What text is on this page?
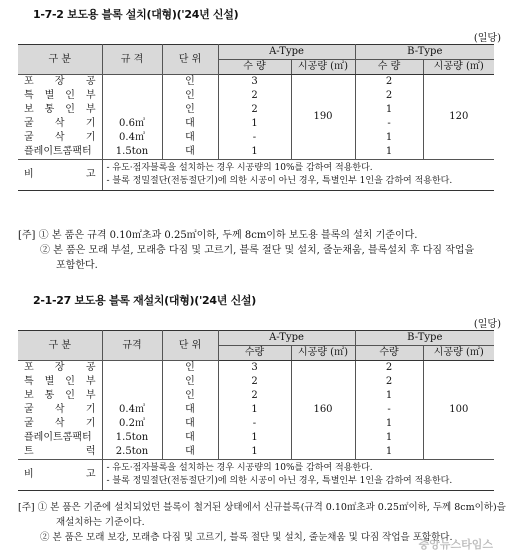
1-7-2 보도용 블록 설치(대형)('24년 신설)
(일당)
구 분	규 격	단 위	A-Type		B-Type	
			수 량	시공량 (㎡)	수 량	시공량 (㎡)
포 장 공		인	3	190	2	120
특 별 인 부		인	2		2	
보 통 인 부		인	2		1	
굴 삭 기	0.6㎥	대	1		-	
굴 삭 기	0.4㎥	대	-		1	
플레이트콤팩터	1.5ton	대	1		1	
비 고	- 유도·점자블록을 설치하는 경우 시공량의 10%를 감하여 적용한다.
- 블록 정밀절단(전동절단기)에 의한 시공이 아닌 경우, 특별인부 1인을 감하여 적용한다.					
[주] ① 본 품은 규격 0.10㎡초과 0.25㎡이하, 두께 8cm이하 보도용 블록의 설치 기준이다.
② 본 품은 모래 부설, 모래층 다짐 및 고르기, 블록 절단 및 설치, 줄눈채움, 블록설치 후 다짐 작업을
포함한다.
2-1-27 보도용 블록 재설치(대형)('24년 신설)
(일당)
구 분	규격	단 위	A-Type		B-Type	
			수량	시공량 (㎡)	수량	시공량 (㎡)
포 장 공		인	3	160	2	100
특 별 인 부		인	2		2	
보 통 인 부		인	2		1	
굴 삭 기	0.4㎥	대	1		-	
굴 삭 기	0.2㎥	대	-		1	
플레이트콤팩터	1.5ton	대	1		1	
트 럭	2.5ton	대	1		1	
비 고	- 유도·점자블록을 설치하는 경우 시공량의 10%를 감하여 적용한다.
- 블록 정밀절단(전동절단기)에 의한 시공이 아닌 경우, 특별인부 1인을 감하여 적용한다.					
[주] ① 본 품은 기준에 설치되었던 블록이 철거된 상태에서 신규블록(규격 0.10㎡초과 0.25㎡이하, 두께 8cm이하)을
재설치하는 기준이다.
② 본 품은 모래 보강, 모래층 다짐 및 고르기, 블록 절단 및 설치, 줄눈채움 및 다짐 작업을 포함한다.
중앙뉴스타임스
